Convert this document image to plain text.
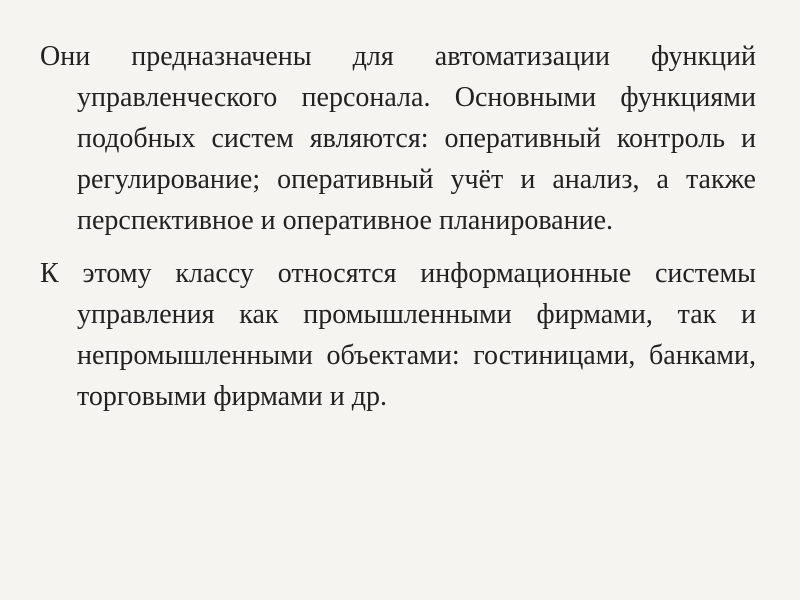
Они предназначены для автоматизации функций управленческого персонала. Основными функциями подобных систем являются: оперативный контроль и регулирование; оперативный учёт и анализ, а также перспективное и оперативное планирование.

К этому классу относятся информационные системы управления как промышленными фирмами, так и непромышленными объектами: гостиницами, банками, торговыми фирмами и др.
